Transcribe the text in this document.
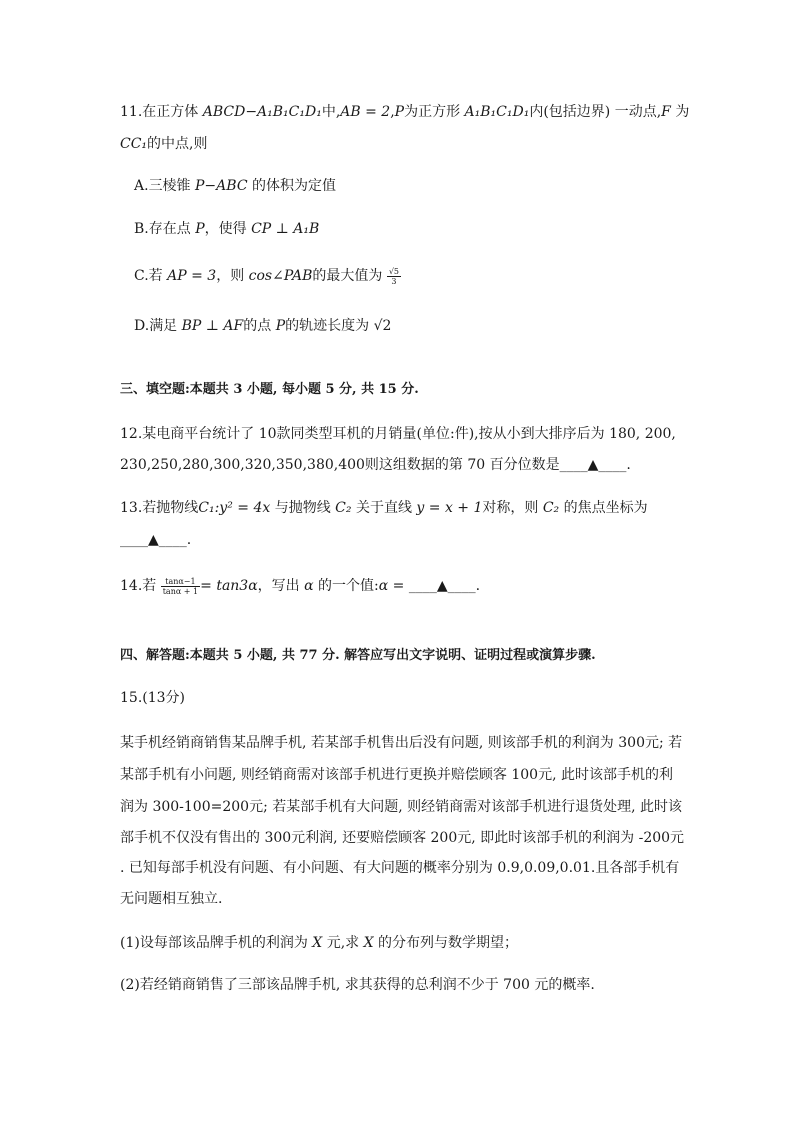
11.在正方体 ABCD−A₁B₁C₁D₁中,AB = 2,P为正方形 A₁B₁C₁D₁内(包括边界) 一动点,F 为
CC₁的中点,则
A.三棱锥 P−ABC 的体积为定值
B.存在点 P，使得 CP ⊥ A₁B
C.若 AP = 3，则 cos∠PAB的最大值为 $\frac{√5}{3}$
D.满足 BP ⊥ AF的点 P的轨迹长度为 √2
三、填空题:本题共 3 小题, 每小题 5 分, 共 15 分.
12.某电商平台统计了 10款同类型耳机的月销量(单位:件),按从小到大排序后为 180, 200,
230,250,280,300,320,350,380,400则这组数据的第 70 百分位数是____▲____.
13.若抛物线C₁:y² = 4x 与抛物线 C₂ 关于直线 y = x + 1对称，则 C₂ 的焦点坐标为
____▲____.
14.若 $\frac{\tan\alpha-1}{\tan\alpha + 1} = \tan 3\alpha$，写出 α 的一个值:α = ____▲____.
四、解答题:本题共 5 小题, 共 77 分. 解答应写出文字说明、证明过程或演算步骤.
15.(13分)
某手机经销商销售某品牌手机, 若某部手机售出后没有问题, 则该部手机的利润为 300元; 若
某部手机有小问题, 则经销商需对该部手机进行更换并赔偿顾客 100元, 此时该部手机的利
润为 300-100=200元; 若某部手机有大问题, 则经销商需对该部手机进行退货处理, 此时该
部手机不仅没有售出的 300元利润, 还要赔偿顾客 200元, 即此时该部手机的利润为 -200元
. 已知每部手机没有问题、有小问题、有大问题的概率分别为 0.9,0.09,0.01.且各部手机有
无问题相互独立.
(1)设每部该品牌手机的利润为 X 元,求 X 的分布列与数学期望；
(2)若经销商销售了三部该品牌手机, 求其获得的总利润不少于 700 元的概率.
